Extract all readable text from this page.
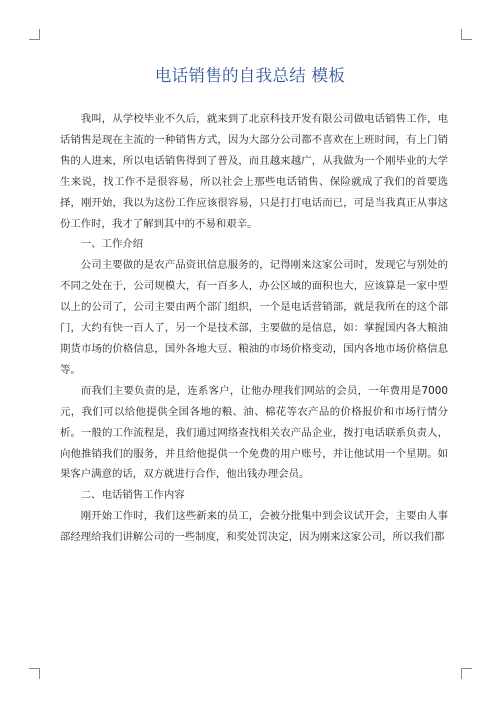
电话销售的自我总结 模板

我叫，从学校毕业不久后，就来到了北京科技开发有限公司做电话销售工作，电话销售是现在主流的一种销售方式，因为大部分公司都不喜欢在上班时间，有上门销售的人进来，所以电话销售得到了普及，而且越来越广，从我做为一个刚毕业的大学生来说，找工作不是很容易，所以社会上那些电话销售、保险就成了我们的首要选择，刚开始，我以为这份工作应该很容易，只是打打电话而已，可是当我真正从事这份工作时，我才了解到其中的不易和艰辛。

一、工作介绍

公司主要做的是农产品资讯信息服务的，记得刚来这家公司时，发现它与别处的不同之处在于，公司规模大，有一百多人，办公区域的面积也大，应该算是一家中型以上的公司了，公司主要由两个部门组织，一个是电话营销部，就是我所在的这个部门，大约有快一百人了，另一个是技术部，主要做的是信息，如：掌握国内各大粮油期货市场的价格信息，国外各地大豆、粮油的市场价格变动，国内各地市场价格信息等。

而我们主要负责的是，连系客户，让他办理我们网站的会员，一年费用是7000元，我们可以给他提供全国各地的粮、油、棉花等农产品的价格报价和市场行情分析。一般的工作流程是，我们通过网络查找相关农产品企业，拨打电话联系负责人，向他推销我们的服务，并且给他提供一个免费的用户账号，并让他试用一个星期。如果客户满意的话，双方就进行合作，他出钱办理会员。

二、电话销售工作内容

刚开始工作时，我们这些新来的员工，会被分批集中到会议试开会，主要由人事部经理给我们讲解公司的一些制度，和奖处罚决定，因为刚来这家公司，所以我们都
